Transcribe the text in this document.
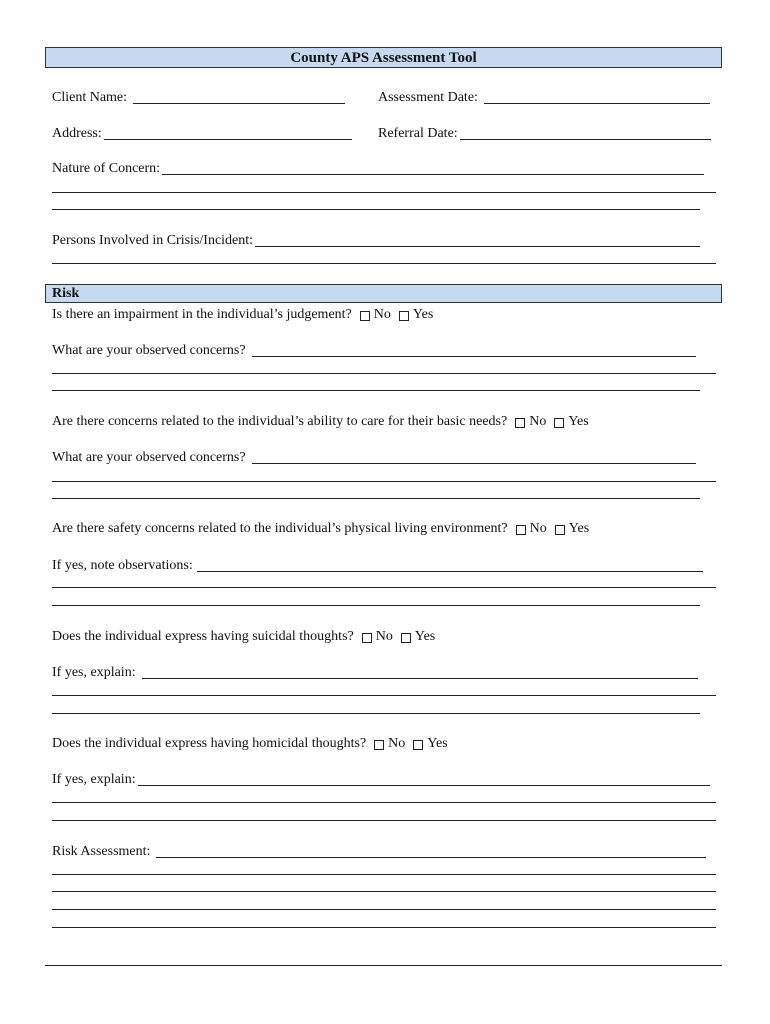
County APS Assessment Tool
Client Name:	Assessment Date:
Address:	Referral Date:
Nature of Concern:
Persons Involved in Crisis/Incident:
Risk
Is there an impairment in the individual’s judgement? No Yes
What are your observed concerns?
Are there concerns related to the individual’s ability to care for their basic needs? No Yes
What are your observed concerns?
Are there safety concerns related to the individual’s physical living environment? No Yes
If yes, note observations:
Does the individual express having suicidal thoughts? No Yes
If yes, explain:
Does the individual express having homicidal thoughts? No Yes
If yes, explain:
Risk Assessment:
